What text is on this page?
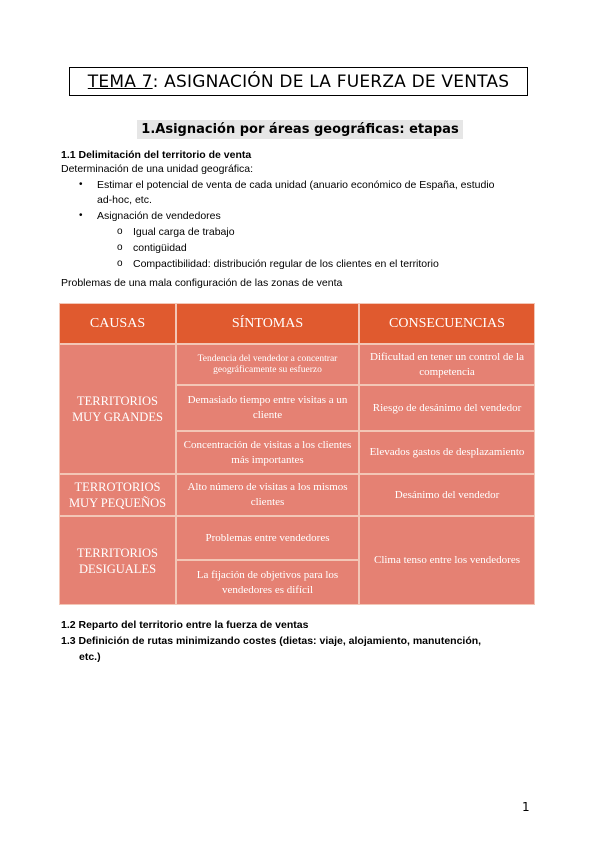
TEMA 7 : ASIGNACIÓN DE LA FUERZA DE VENTAS
1.Asignación por áreas geográficas: etapas
1.1 Delimitación del territorio de venta
Determinación de una unidad geográfica:
• Estimar el potencial de venta de cada unidad (anuario económico de España, estudio
ad-hoc, etc.
• Asignación de vendedores
o Igual carga de trabajo
o contigüidad
o Compactibilidad: distribución regular de los clientes en el territorio
Problemas de una mala configuración de las zonas de venta
CAUSAS	SÍNTOMAS	CONSECUENCIAS
TERRITORIOS MUY GRANDES
TERROTORIOS MUY PEQUEÑOS
TERRITORIOS DESIGUALES
Tendencia del vendedor a concentrar geográficamente su esfuerzo
Demasiado tiempo entre visitas a un cliente
Concentración de visitas a los clientes más importantes
Alto número de visitas a los mismos clientes
Problemas entre vendedores
La fijación de objetivos para los vendedores es difícil
Dificultad en tener un control de la competencia
Riesgo de desánimo del vendedor
Elevados gastos de desplazamiento
Desánimo del vendedor
Clima tenso entre los vendedores
1.2 Reparto del territorio entre la fuerza de ventas
1.3 Definición de rutas minimizando costes (dietas: viaje, alojamiento, manutención,
etc.)
1
